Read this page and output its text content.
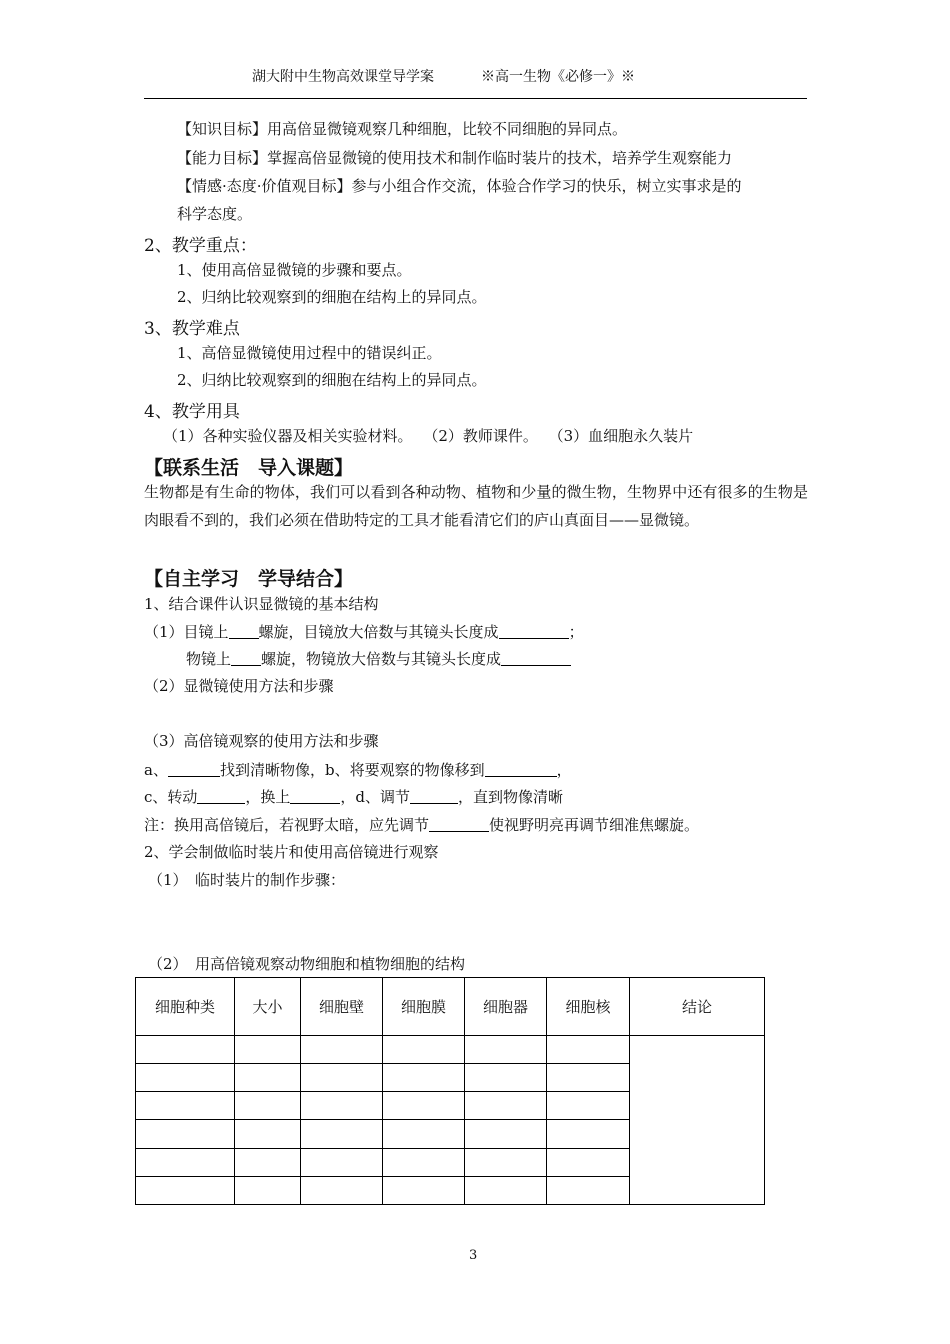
湖大附中生物高效课堂导学案	※高一生物《必修一》※
【知识目标】用高倍显微镜观察几种细胞，比较不同细胞的异同点。
【能力目标】掌握高倍显微镜的使用技术和制作临时装片的技术，培养学生观察能力
【情感·态度·价值观目标】参与小组合作交流，体验合作学习的快乐，树立实事求是的
科学态度。
2、教学重点：
1、使用高倍显微镜的步骤和要点。
2、归纳比较观察到的细胞在结构上的异同点。
3、教学难点
1、高倍显微镜使用过程中的错误纠正。
2、归纳比较观察到的细胞在结构上的异同点。
4、教学用具
（1）各种实验仪器及相关实验材料。 （2）教师课件。 （3）血细胞永久装片
【联系生活　导入课题】
生物都是有生命的物体，我们可以看到各种动物、植物和少量的微生物，生物界中还有很多的生物是肉眼看不到的，我们必须在借助特定的工具才能看清它们的庐山真面目——显微镜。
【自主学习　学导结合】
1、结合课件认识显微镜的基本结构
（1）目镜上 螺旋，目镜放大倍数与其镜头长度成	；
物镜上 螺旋，物镜放大倍数与其镜头长度成
（2）显微镜使用方法和步骤
（3）高倍镜观察的使用方法和步骤
a、	找到清晰物像，b、将要观察的物像移到	，
c、转动	，换上	，d、调节	，直到物像清晰
注：换用高倍镜后，若视野太暗，应先调节	使视野明亮再调节细准焦螺旋。
2、学会制做临时装片和使用高倍镜进行观察
（1）　临时装片的制作步骤：
（2）　用高倍镜观察动物细胞和植物细胞的结构
细胞种类	大小	细胞壁	细胞膜	细胞器	细胞核	结论

3
